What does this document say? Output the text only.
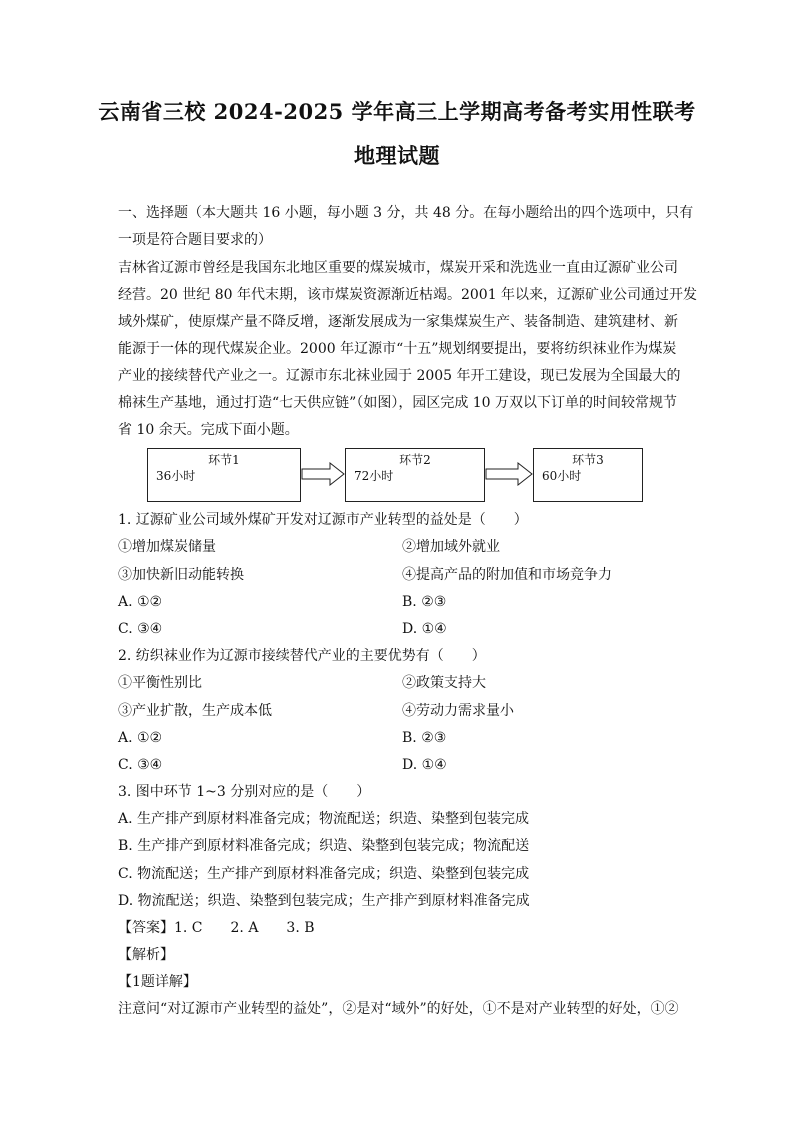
云南省三校 2024-2025 学年高三上学期高考备考实用性联考
地理试题
一、选择题（本大题共 16 小题，每小题 3 分，共 48 分。在每小题给出的四个选项中，只有
一项是符合题目要求的）
吉林省辽源市曾经是我国东北地区重要的煤炭城市，煤炭开采和洗选业一直由辽源矿业公司
经营。20 世纪 80 年代末期，该市煤炭资源渐近枯竭。2001 年以来，辽源矿业公司通过开发
域外煤矿，使原煤产量不降反增，逐渐发展成为一家集煤炭生产、装备制造、建筑建材、新
能源于一体的现代煤炭企业。2000 年辽源市“十五”规划纲要提出，要将纺织袜业作为煤炭
产业的接续替代产业之一。辽源市东北袜业园于 2005 年开工建设，现已发展为全国最大的
棉袜生产基地，通过打造“七天供应链”（如图），园区完成 10 万双以下订单的时间较常规节
省 10 余天。完成下面小题。
环节1
36小时
环节2
72小时
环节3
60小时
1. 辽源矿业公司域外煤矿开发对辽源市产业转型的益处是（　　）
①增加煤炭储量	②增加域外就业
③加快新旧动能转换	④提高产品的附加值和市场竞争力
A. ①②	B. ②③
C. ③④	D. ①④
2. 纺织袜业作为辽源市接续替代产业的主要优势有（　　）
①平衡性别比	②政策支持大
③产业扩散，生产成本低	④劳动力需求量小
A. ①②	B. ②③
C. ③④	D. ①④
3. 图中环节 1~3 分别对应的是（　　）
A. 生产排产到原材料准备完成；物流配送；织造、染整到包装完成
B. 生产排产到原材料准备完成；织造、染整到包装完成；物流配送
C. 物流配送；生产排产到原材料准备完成；织造、染整到包装完成
D. 物流配送；织造、染整到包装完成；生产排产到原材料准备完成
【答案】1. C　　2. A　　3. B
【解析】
【1题详解】
注意问“对辽源市产业转型的益处”，②是对“域外”的好处，①不是对产业转型的好处，①②
